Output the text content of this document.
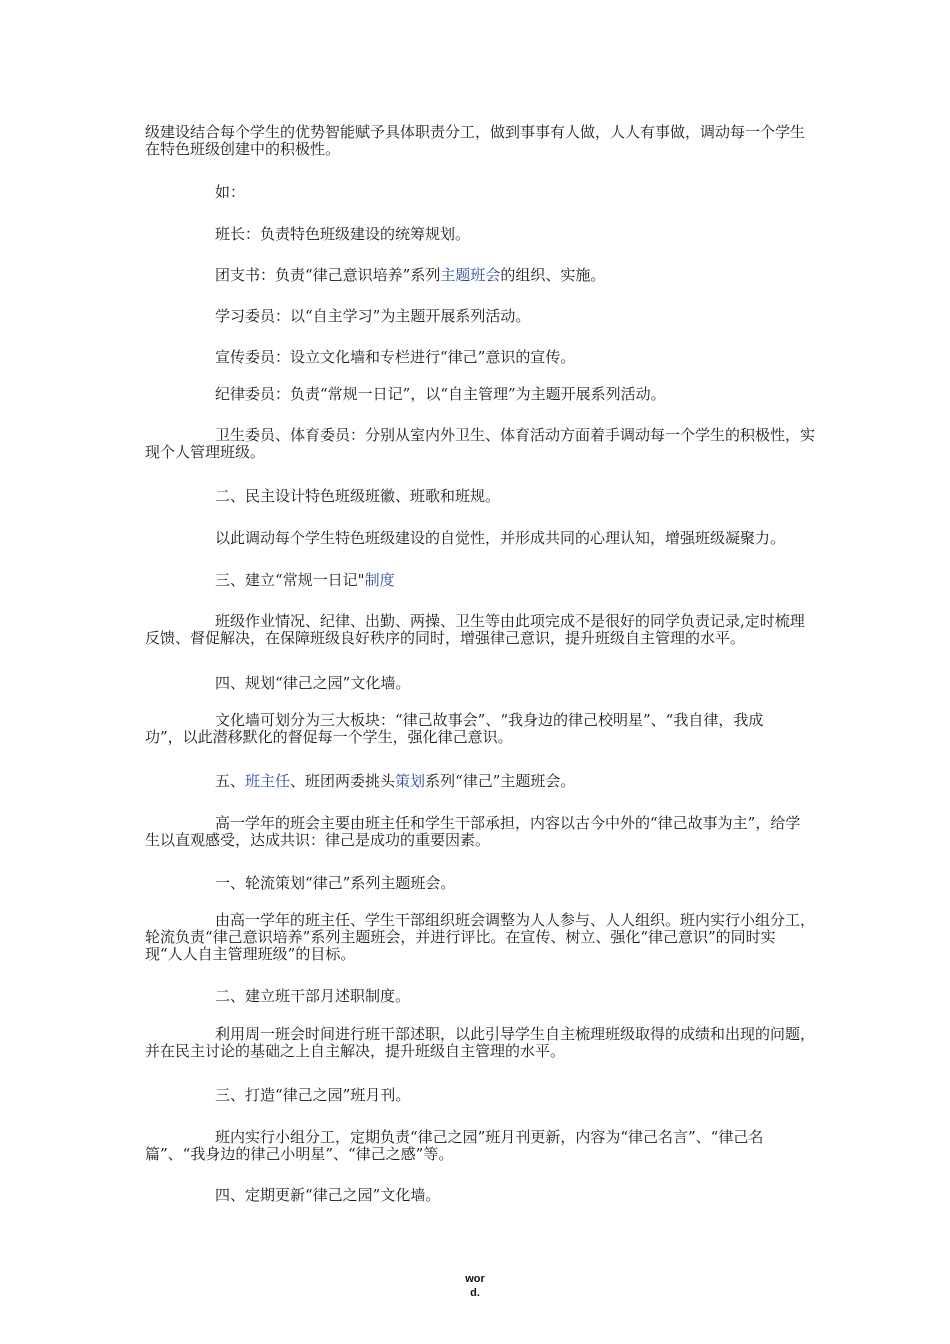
级建设结合每个学生的优势智能赋予具体职责分工，做到事事有人做，人人有事做，调动每一个学生
在特色班级创建中的积极性。

如：

班长：负责特色班级建设的统筹规划。

团支书：负责“律己意识培养”系列主题班会的组织、实施。

学习委员：以“自主学习”为主题开展系列活动。

宣传委员：设立文化墙和专栏进行“律己”意识的宣传。

纪律委员：负责“常规一日记”，以“自主管理”为主题开展系列活动。

卫生委员、体育委员：分别从室内外卫生、体育活动方面着手调动每一个学生的积极性，实
现个人管理班级。

二、民主设计特色班级班徽、班歌和班规。

以此调动每个学生特色班级建设的自觉性，并形成共同的心理认知，增强班级凝聚力。

三、建立“常规一日记"制度

班级作业情况、纪律、出勤、两操、卫生等由此项完成不是很好的同学负责记录,定时梳理
反馈、督促解决，在保障班级良好秩序的同时，增强律己意识，提升班级自主管理的水平。

四、规划“律己之园”文化墙。

文化墙可划分为三大板块：“律己故事会”、“我身边的律己校明星”、“我自律，我成
功”，以此潜移默化的督促每一个学生，强化律己意识。

五、班主任、班团两委挑头策划系列“律己”主题班会。

高一学年的班会主要由班主任和学生干部承担，内容以古今中外的“律己故事为主”，给学
生以直观感受，达成共识：律己是成功的重要因素。

一、轮流策划“律己”系列主题班会。

由高一学年的班主任、学生干部组织班会调整为人人参与、人人组织。班内实行小组分工，
轮流负责“律己意识培养”系列主题班会，并进行评比。在宣传、树立、强化“律己意识”的同时实
现“人人自主管理班级”的目标。

二、建立班干部月述职制度。

利用周一班会时间进行班干部述职，以此引导学生自主梳理班级取得的成绩和出现的问题，
并在民主讨论的基础之上自主解决，提升班级自主管理的水平。

三、打造“律己之园”班月刊。

班内实行小组分工，定期负责“律己之园”班月刊更新，内容为“律己名言”、“律己名
篇”、“我身边的律己小明星”、“律己之感”等。

四、定期更新“律己之园”文化墙。

wor
d.
